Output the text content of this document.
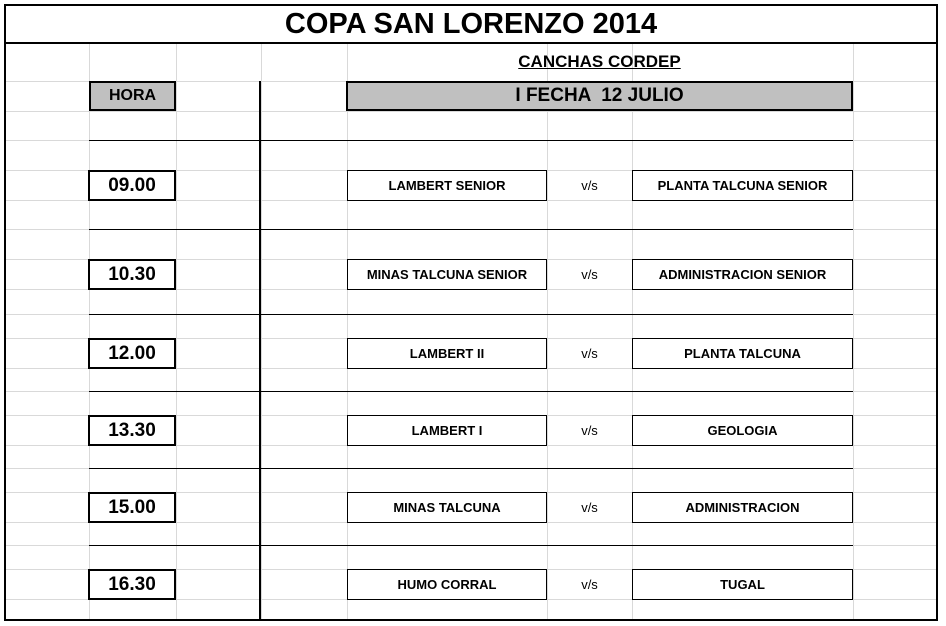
COPA SAN LORENZO 2014
CANCHAS CORDEP
HORA	I FECHA  12 JULIO
09.00	LAMBERT SENIOR	v/s	PLANTA TALCUNA SENIOR
10.30	MINAS TALCUNA SENIOR	v/s	ADMINISTRACION SENIOR
12.00	LAMBERT II	v/s	PLANTA TALCUNA
13.30	LAMBERT I	v/s	GEOLOGIA
15.00	MINAS TALCUNA	v/s	ADMINISTRACION
16.30	HUMO CORRAL	v/s	TUGAL
